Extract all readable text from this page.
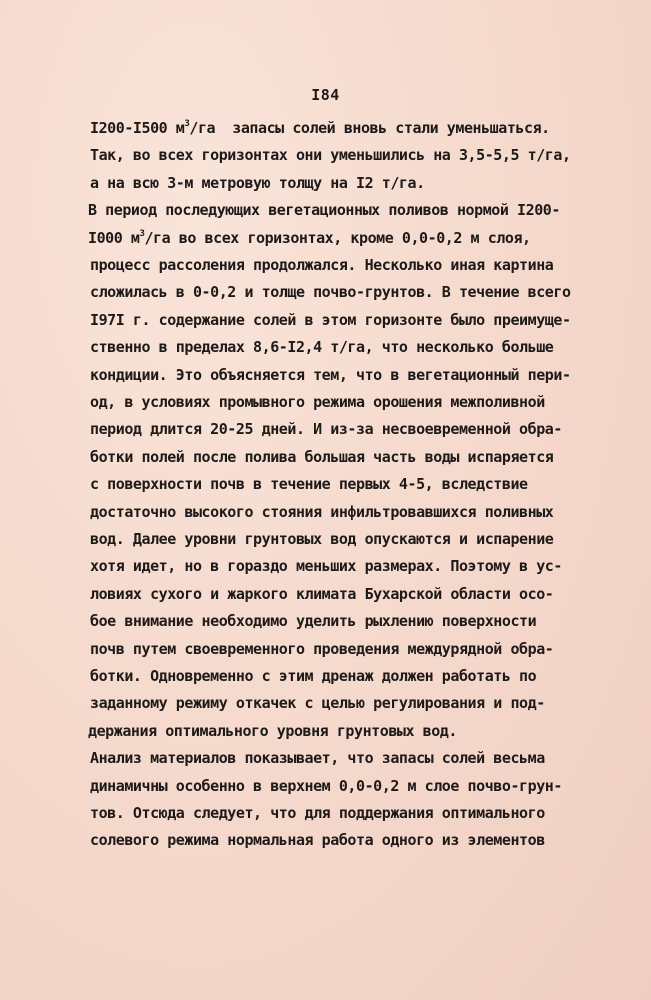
I84
I200-I500 $м^3/га$  запасы солей вновь стали уменьшаться.
Так, во всех горизонтах они уменьшились на 3,5-5,5 т/га,
а на всю 3-м метровую толщу на I2 т/га.
В период последующих вегетационных поливов нормой I200-
I000 $м^3/га$ во всех горизонтах, кроме 0,0-0,2 м слоя,
процесс рассоления продолжался. Несколько иная картина
сложилась в 0-0,2 и толще почво-грунтов. В течение всего
I97I г. содержание солей в этом горизонте было преимуще-
ственно в пределах 8,6-I2,4 т/га, что несколько больше
кондиции. Это объясняется тем, что в вегетационный пери-
од, в условиях промывного режима орошения межполивной
период длится 20-25 дней. И из-за несвоевременной обра-
ботки полей после полива большая часть воды испаряется
с поверхности почв в течение первых 4-5, вследствие
достаточно высокого стояния инфильтровавшихся поливных
вод. Далее уровни грунтовых вод опускаются и испарение
хотя идет, но в гораздо меньших размерах. Поэтому в ус-
ловиях сухого и жаркого климата Бухарской области осо-
бое внимание необходимо уделить рыхлению поверхности
почв путем своевременного проведения междурядной обра-
ботки. Одновременно с этим дренаж должен работать по
заданному режиму откачек с целью регулирования и под-
держания оптимального уровня грунтовых вод.
Анализ материалов показывает, что запасы солей весьма
динамичны особенно в верхнем 0,0-0,2 м слое почво-грун-
тов. Отсюда следует, что для поддержания оптимального
солевого режима нормальная работа одного из элементов
